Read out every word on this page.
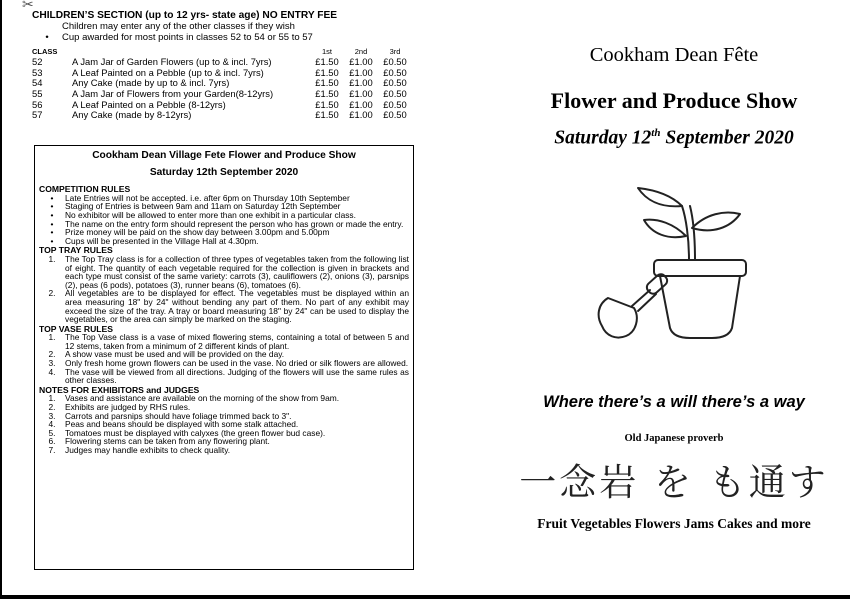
✂
CHILDREN’S SECTION (up to 12 yrs- state age) NO ENTRY FEE
Children may enter any of the other classes if they wish
•	Cup awarded for most points in classes 52 to 54 or 55 to 57
CLASS		1st	2nd	3rd
52	A Jam Jar of Garden Flowers (up to & incl. 7yrs)	£1.50	£1.00	£0.50
53	A Leaf Painted on a Pebble (up to & incl. 7yrs)	£1.50	£1.00	£0.50
54	Any Cake (made by up to & incl. 7yrs)	£1.50	£1.00	£0.50
55	A Jam Jar of Flowers from your Garden(8-12yrs)	£1.50	£1.00	£0.50
56	A Leaf Painted on a Pebble (8-12yrs)	£1.50	£1.00	£0.50
57	Any Cake (made by 8-12yrs)	£1.50	£1.00	£0.50
Cookham Dean Village Fete Flower and Produce Show
Saturday 12th September 2020
COMPETITION RULES
•	Late Entries will not be accepted. i.e. after 6pm on Thursday 10th September
•	Staging of Entries is between 9am and 11am on Saturday 12th September
•	No exhibitor will be allowed to enter more than one exhibit in a particular class.
•	The name on the entry form should represent the person who has grown or made the entry.
•	Prize money will be paid on the show day between 3.00pm and 5.00pm
•	Cups will be presented in the Village Hall at 4.30pm.
TOP TRAY RULES
1.	The Top Tray class is for a collection of three types of vegetables taken from the following list of eight. The quantity of each vegetable required for the collection is given in brackets and each type must consist of the same variety: carrots (3), cauliflowers (2), onions (3), parsnips (2), peas (6 pods), potatoes (3), runner beans (6), tomatoes (6).
2.	All vegetables are to be displayed for effect. The vegetables must be displayed within an area measuring 18" by 24" without bending any part of them. No part of any exhibit may exceed the size of the tray. A tray or board measuring 18" by 24" can be used to display the vegetables, or the area can simply be marked on the staging.
TOP VASE RULES
1.	The Top Vase class is a vase of mixed flowering stems, containing a total of between 5 and 12 stems, taken from a minimum of 2 different kinds of plant.
2.	A show vase must be used and will be provided on the day.
3.	Only fresh home grown flowers can be used in the vase. No dried or silk flowers are allowed.
4.	The vase will be viewed from all directions. Judging of the flowers will use the same rules as other classes.
NOTES FOR EXHIBITORS and JUDGES
1.	Vases and assistance are available on the morning of the show from 9am.
2.	Exhibits are judged by RHS rules.
3.	Carrots and parsnips should have foliage trimmed back to 3".
4.	Peas and beans should be displayed with some stalk attached.
5.	Tomatoes must be displayed with calyxes (the green flower bud case).
6.	Flowering stems can be taken from any flowering plant.
7.	Judges may handle exhibits to check quality.
Cookham Dean Fête
Flower and Produce Show
Saturday 12th September 2020
Where there’s a will there’s a way
Old Japanese proverb
一念岩 を も通す
Fruit Vegetables Flowers Jams Cakes and more
